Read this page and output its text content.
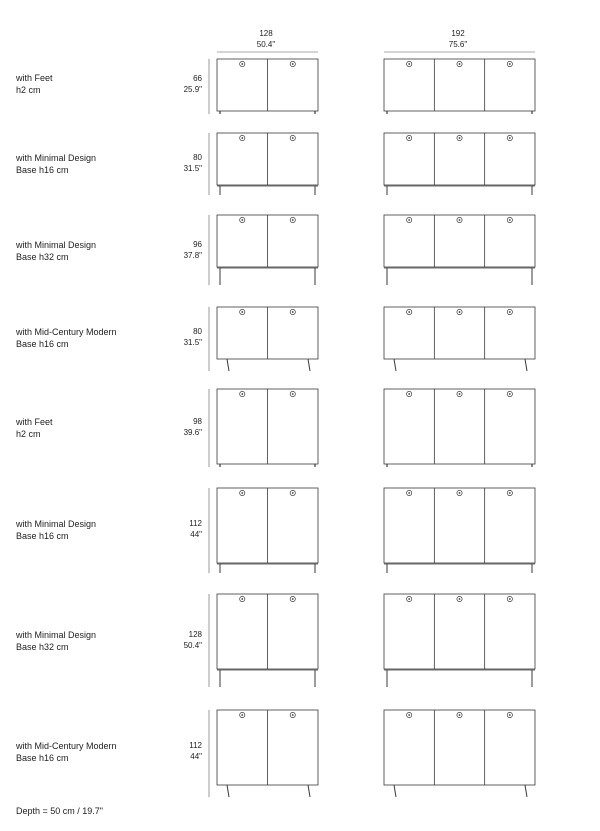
128
50.4"
192
75.6"
with Feet
h2 cm
66
25.9"
with Minimal Design
Base h16 cm
80
31.5"
with Minimal Design
Base h32 cm
96
37.8"
with Mid-Century Modern
Base h16 cm
80
31.5"
with Feet
h2 cm
98
39.6"
with Minimal Design
Base h16 cm
112
44"
with Minimal Design
Base h32 cm
128
50.4"
with Mid-Century Modern
Base h16 cm
112
44"
Depth = 50 cm / 19.7"
